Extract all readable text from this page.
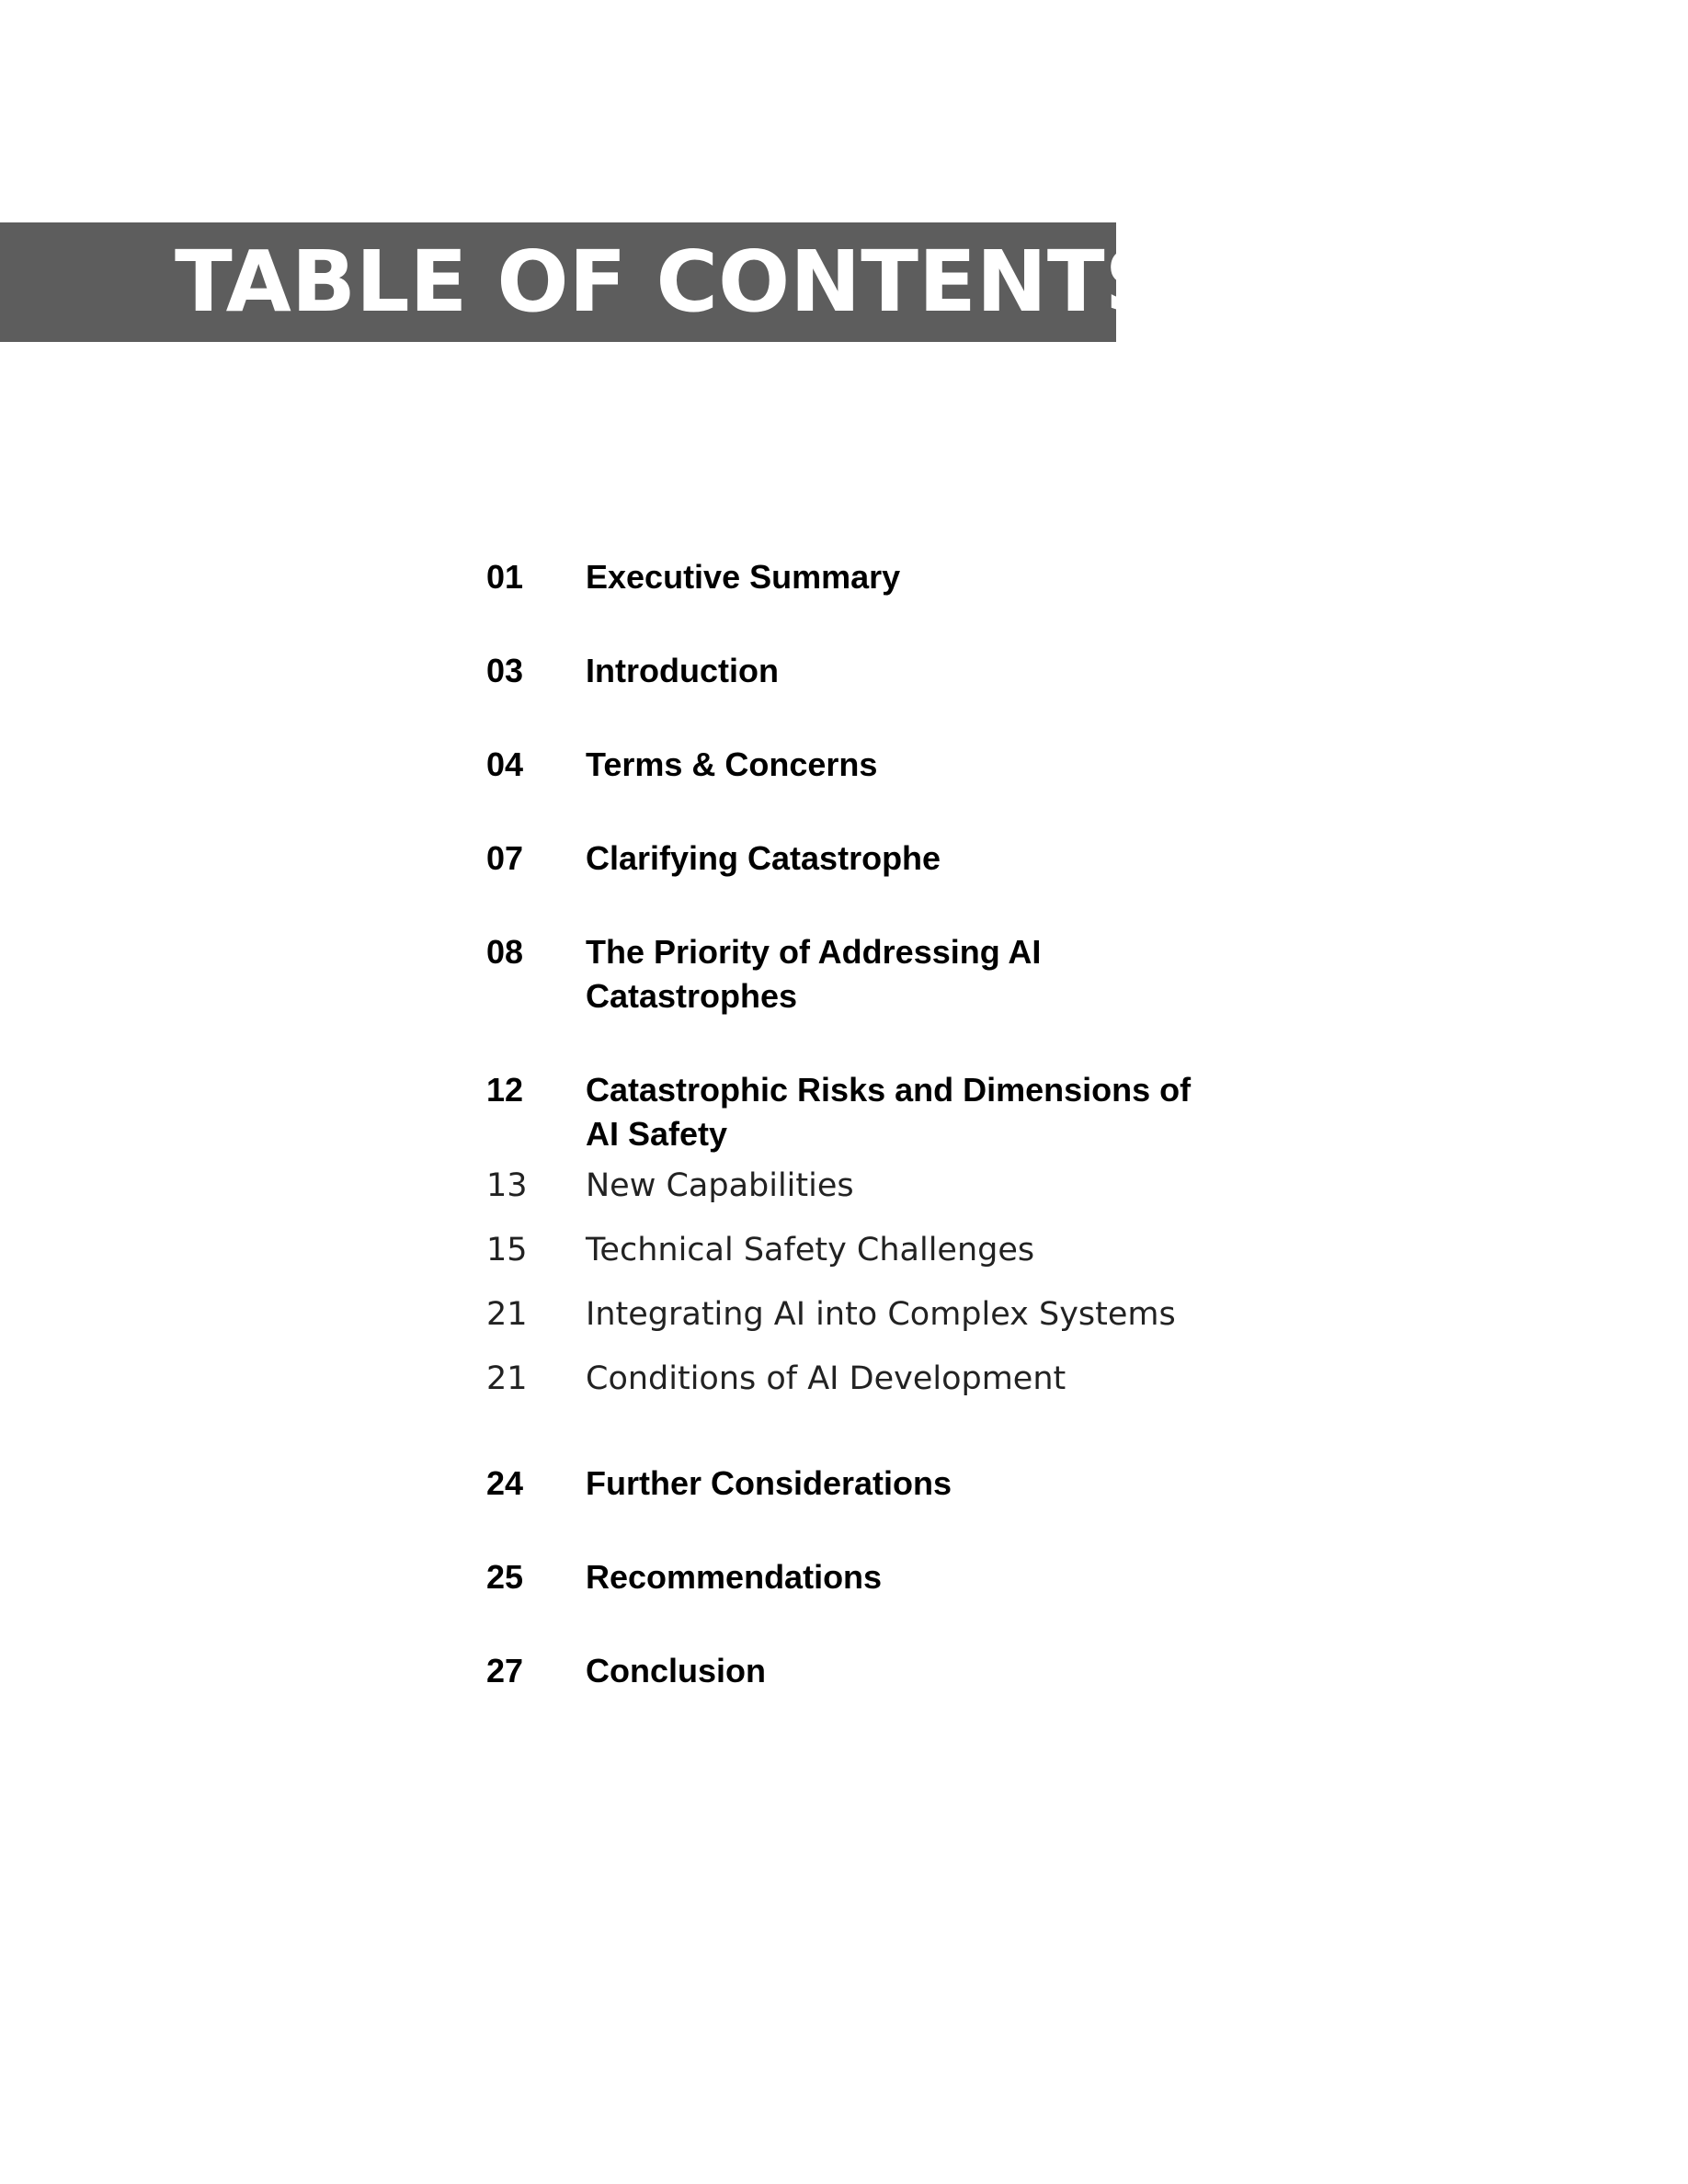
TABLE OF CONTENTS
01	Executive Summary
03	Introduction
04	Terms & Concerns
07	Clarifying Catastrophe
08	The Priority of Addressing AI Catastrophes
12	Catastrophic Risks and Dimensions of AI Safety
13	New Capabilities
15	Technical Safety Challenges
21	Integrating AI into Complex Systems
21	Conditions of AI Development
24	Further Considerations
25	Recommendations
27	Conclusion
